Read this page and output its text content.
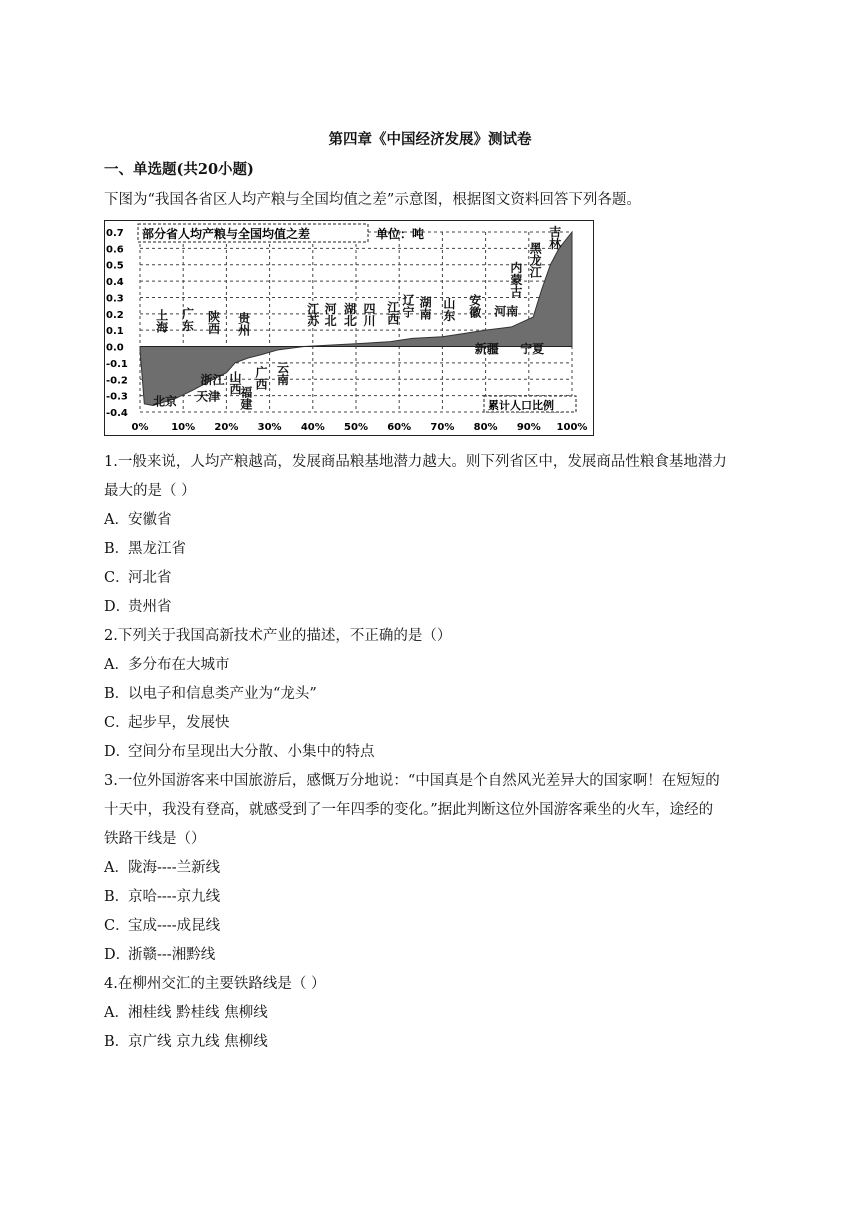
第四章《中国经济发展》测试卷
一、单选题(共20小题)
下图为“我国各省区人均产粮与全国均值之差”示意图，根据图文资料回答下列各题。
0.7
0.6
0.5
0.4
0.3
0.2
0.1
0.0
-0.1
-0.2
-0.3
-0.4
0% 10% 20% 30% 40% 50% 60% 70% 80% 90% 100%
部分省人均产粮与全国均值之差	单位：吨
累计人口比例
北京 天津
浙江 山西
福建
广西 云南
上海 广东 陕西 贵州	江苏 河北 湖北 四川 江西 辽宁 湖南 山东 安徽 河南
新疆 宁夏
内蒙古
黑龙江
吉林
1.一般来说，人均产粮越高，发展商品粮基地潜力越大。则下列省区中，发展商品性粮食基地潜力
最大的是（ ）
A．安徽省
B．黑龙江省
C．河北省
D．贵州省
2.下列关于我国高新技术产业的描述，不正确的是（）
A．多分布在大城市
B．以电子和信息类产业为“龙头”
C．起步早，发展快
D．空间分布呈现出大分散、小集中的特点
3.一位外国游客来中国旅游后，感慨万分地说：“中国真是个自然风光差异大的国家啊！在短短的
十天中，我没有登高，就感受到了一年四季的变化。”据此判断这位外国游客乘坐的火车，途经的
铁路干线是（）
A．陇海----兰新线
B．京哈----京九线
C．宝成----成昆线
D．浙赣---湘黔线
4.在柳州交汇的主要铁路线是（ ）
A．湘桂线 黔桂线 焦柳线
B．京广线 京九线 焦柳线
